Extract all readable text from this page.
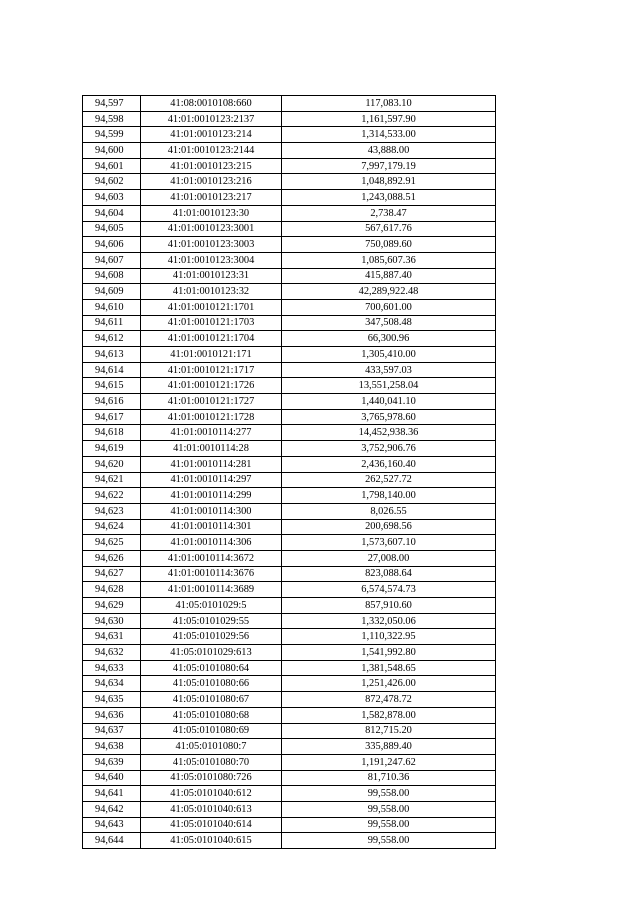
94,597	41:08:0010108:660	117,083.10
94,598	41:01:0010123:2137	1,161,597.90
94,599	41:01:0010123:214	1,314,533.00
94,600	41:01:0010123:2144	43,888.00
94,601	41:01:0010123:215	7,997,179.19
94,602	41:01:0010123:216	1,048,892.91
94,603	41:01:0010123:217	1,243,088.51
94,604	41:01:0010123:30	2,738.47
94,605	41:01:0010123:3001	567,617.76
94,606	41:01:0010123:3003	750,089.60
94,607	41:01:0010123:3004	1,085,607.36
94,608	41:01:0010123:31	415,887.40
94,609	41:01:0010123:32	42,289,922.48
94,610	41:01:0010121:1701	700,601.00
94,611	41:01:0010121:1703	347,508.48
94,612	41:01:0010121:1704	66,300.96
94,613	41:01:0010121:171	1,305,410.00
94,614	41:01:0010121:1717	433,597.03
94,615	41:01:0010121:1726	13,551,258.04
94,616	41:01:0010121:1727	1,440,041.10
94,617	41:01:0010121:1728	3,765,978.60
94,618	41:01:0010114:277	14,452,938.36
94,619	41:01:0010114:28	3,752,906.76
94,620	41:01:0010114:281	2,436,160.40
94,621	41:01:0010114:297	262,527.72
94,622	41:01:0010114:299	1,798,140.00
94,623	41:01:0010114:300	8,026.55
94,624	41:01:0010114:301	200,698.56
94,625	41:01:0010114:306	1,573,607.10
94,626	41:01:0010114:3672	27,008.00
94,627	41:01:0010114:3676	823,088.64
94,628	41:01:0010114:3689	6,574,574.73
94,629	41:05:0101029:5	857,910.60
94,630	41:05:0101029:55	1,332,050.06
94,631	41:05:0101029:56	1,110,322.95
94,632	41:05:0101029:613	1,541,992.80
94,633	41:05:0101080:64	1,381,548.65
94,634	41:05:0101080:66	1,251,426.00
94,635	41:05:0101080:67	872,478.72
94,636	41:05:0101080:68	1,582,878.00
94,637	41:05:0101080:69	812,715.20
94,638	41:05:0101080:7	335,889.40
94,639	41:05:0101080:70	1,191,247.62
94,640	41:05:0101080:726	81,710.36
94,641	41:05:0101040:612	99,558.00
94,642	41:05:0101040:613	99,558.00
94,643	41:05:0101040:614	99,558.00
94,644	41:05:0101040:615	99,558.00
